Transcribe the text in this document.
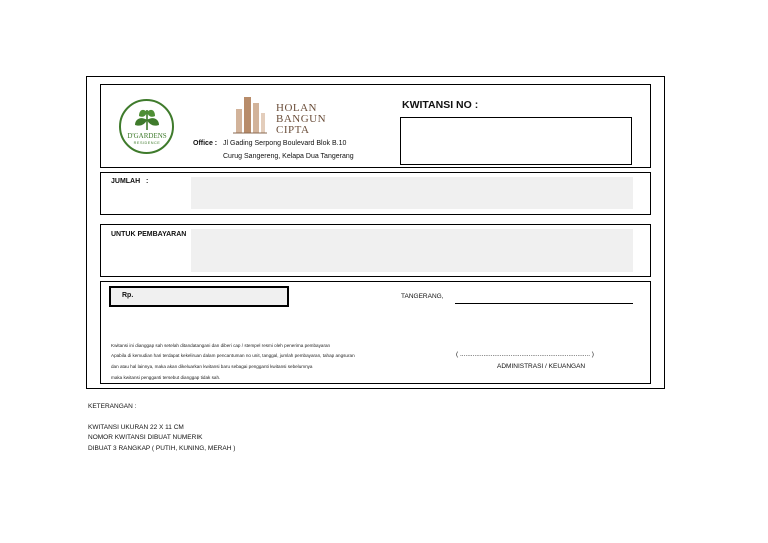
D'GARDENS
RESIDENCE
HOLAN
BANGUN
CIPTA
Office : Jl Gading Serpong Boulevard Blok B.10
Curug Sangereng, Kelapa Dua Tangerang
KWITANSI NO :
JUMLAH   :
UNTUK PEMBAYARAN
Rp.	TANGERANG,
Kwitansi ini dianggap sah setelah ditandatangani dan diberi cap / stempel resmi oleh penerima pembayaran
Apabila di kemudian hari terdapat kekeliruan dalam pencantuman no unit, tanggal, jumlah pembayaran, tahap angsuran
dan atau hal lainnya, maka akan dikeluarkan kwitansi baru sebagai pengganti kwitansi sebelumnya
maka kwitansi pengganti tersebut dianggap tidak sah.
( ........................................................................ )
ADMINISTRASI / KEUANGAN
KETERANGAN :
KWITANSI UKURAN 22 X 11 CM
NOMOR KWITANSI DIBUAT NUMERIK
DIBUAT 3 RANGKAP ( PUTIH, KUNING, MERAH )
